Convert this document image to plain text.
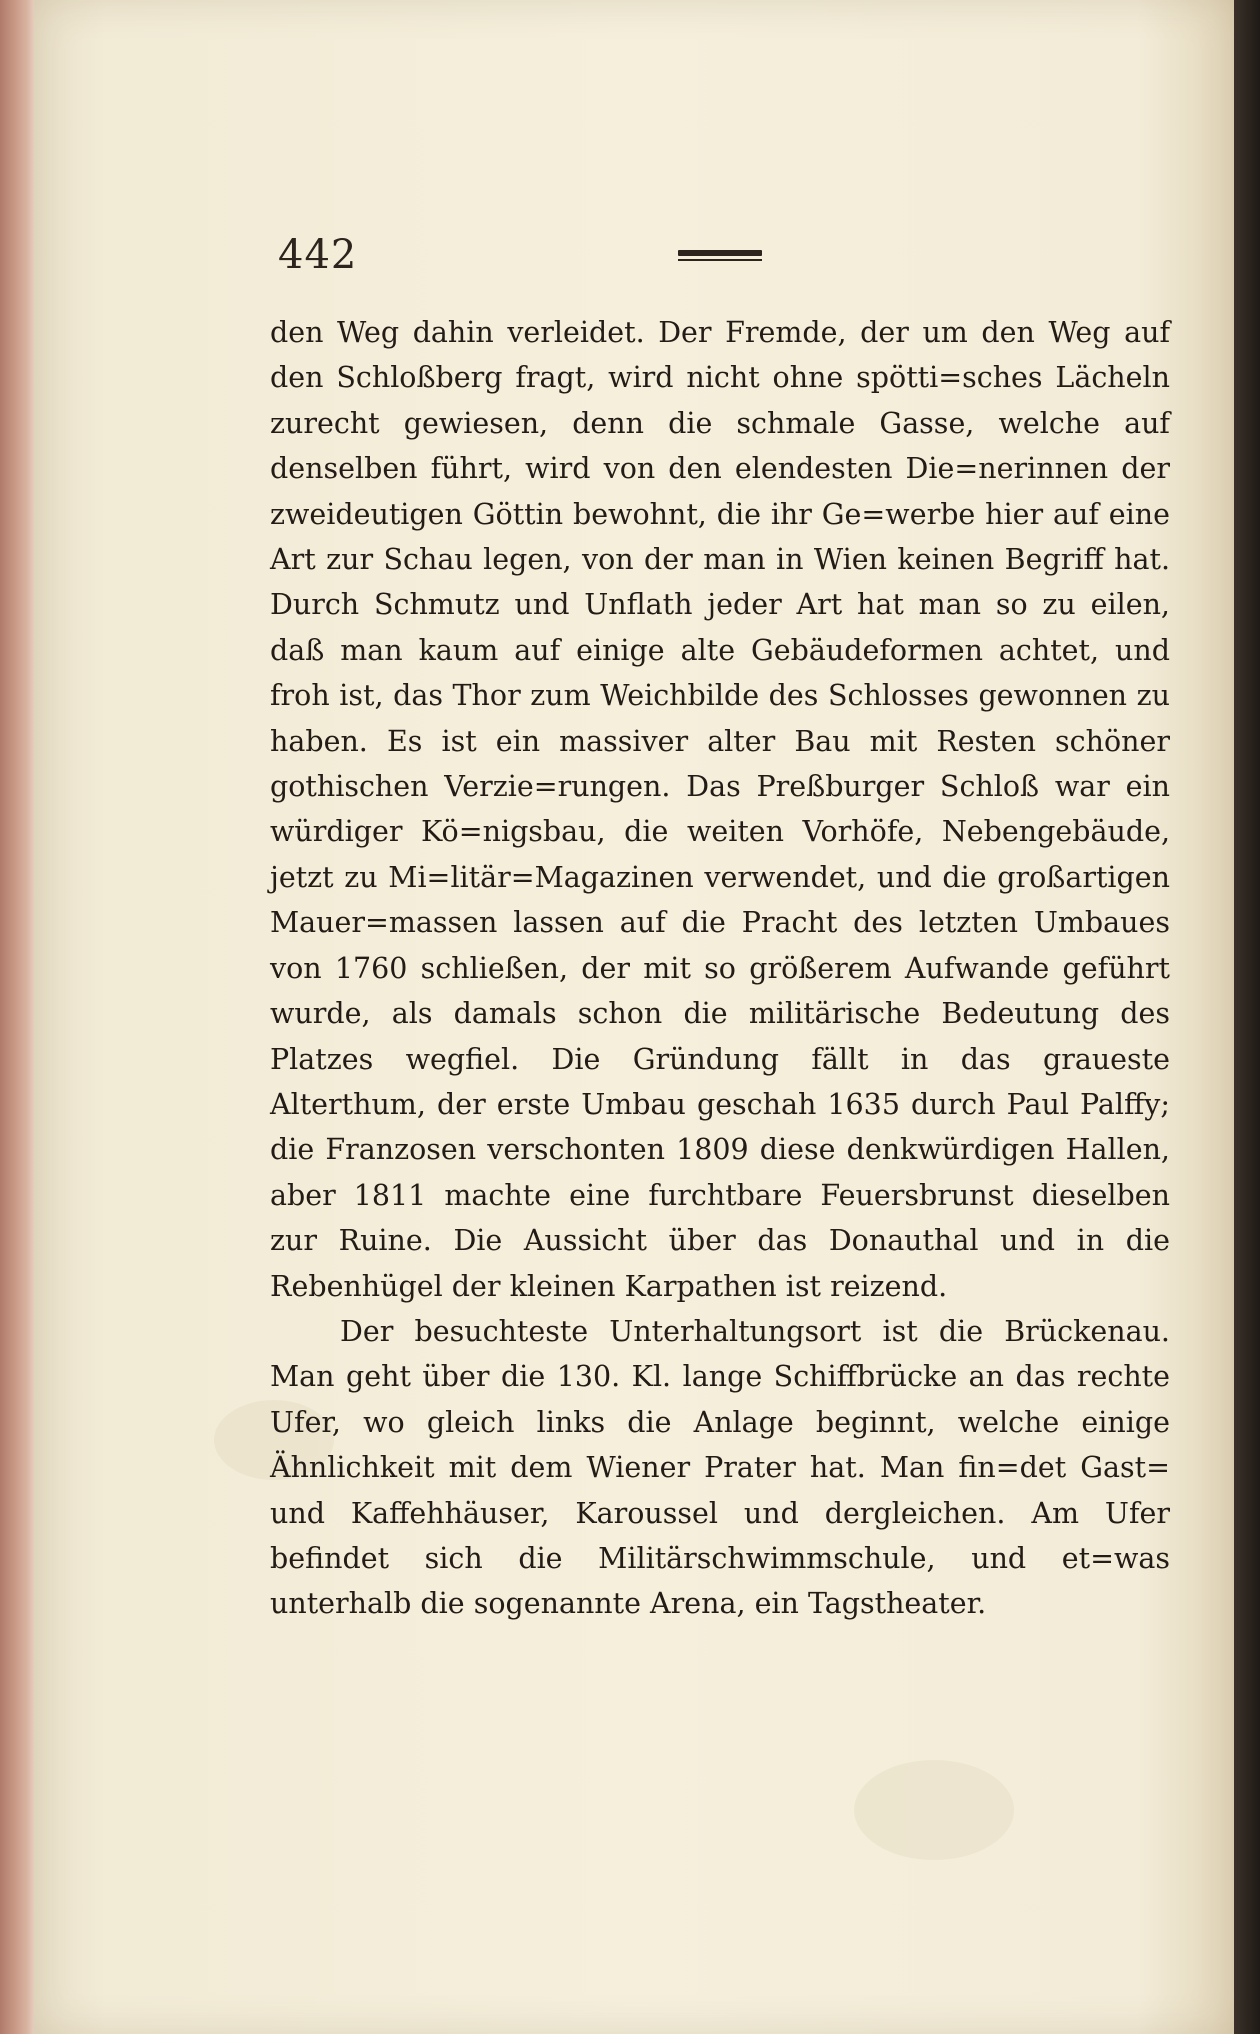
442

den Weg dahin verleidet. Der Fremde, der um den Weg auf den Schloßberg fragt, wird nicht ohne spötti=sches Lächeln zurecht gewiesen, denn die schmale Gasse, welche auf denselben führt, wird von den elendesten Die=nerinnen der zweideutigen Göttin bewohnt, die ihr Ge=werbe hier auf eine Art zur Schau legen, von der man in Wien keinen Begriff hat. Durch Schmutz und Unflath jeder Art hat man so zu eilen, daß man kaum auf einige alte Gebäudeformen achtet, und froh ist, das Thor zum Weichbilde des Schlosses gewonnen zu haben. Es ist ein massiver alter Bau mit Resten schöner gothischen Verzie=rungen. Das Preßburger Schloß war ein würdiger Kö=nigsbau, die weiten Vorhöfe, Nebengebäude, jetzt zu Mi=litär=Magazinen verwendet, und die großartigen Mauer=massen lassen auf die Pracht des letzten Umbaues von 1760 schließen, der mit so größerem Aufwande geführt wurde, als damals schon die militärische Bedeutung des Platzes wegfiel. Die Gründung fällt in das graueste Alterthum, der erste Umbau geschah 1635 durch Paul Palffy; die Franzosen verschonten 1809 diese denkwürdigen Hallen, aber 1811 machte eine furchtbare Feuersbrunst dieselben zur Ruine. Die Aussicht über das Donauthal und in die Rebenhügel der kleinen Karpathen ist reizend.

Der besuchteste Unterhaltungsort ist die Brückenau. Man geht über die 130. Kl. lange Schiffbrücke an das rechte Ufer, wo gleich links die Anlage beginnt, welche einige Ähnlichkeit mit dem Wiener Prater hat. Man fin=det Gast= und Kaffehhäuser, Karoussel und dergleichen. Am Ufer befindet sich die Militärschwimmschule, und et=was unterhalb die sogenannte Arena, ein Tagstheater.
